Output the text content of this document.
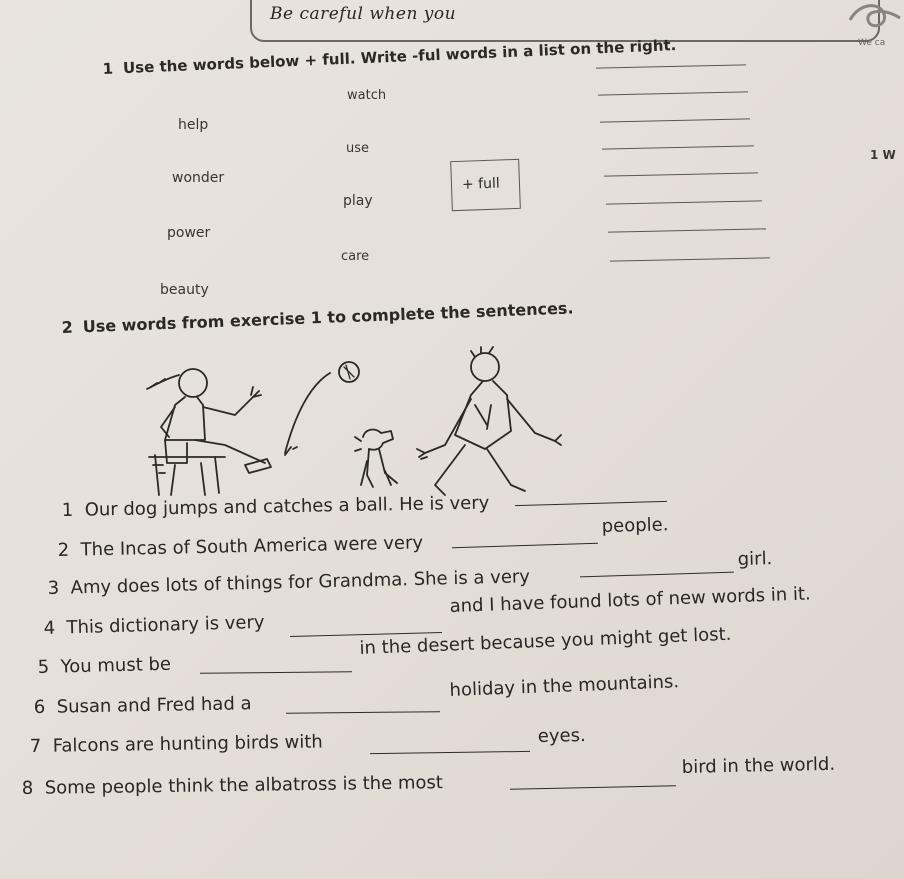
Be careful when you
We ca
1 W
1 Use the words below + full. Write -ful words in a list on the right.
watch
help
use
wonder
play
power
care
beauty
+ full
2 Use words from exercise 1 to complete the sentences.
1 Our dog jumps and catches a ball. He is very
2 The Incas of South America were very
people.
3 Amy does lots of things for Grandma. She is a very
girl.
4 This dictionary is very
and I have found lots of new words in it.
5 You must be
in the desert because you might get lost.
6 Susan and Fred had a
holiday in the mountains.
7 Falcons are hunting birds with	eyes.
8 Some people think the albatross is the most
bird in the world.
